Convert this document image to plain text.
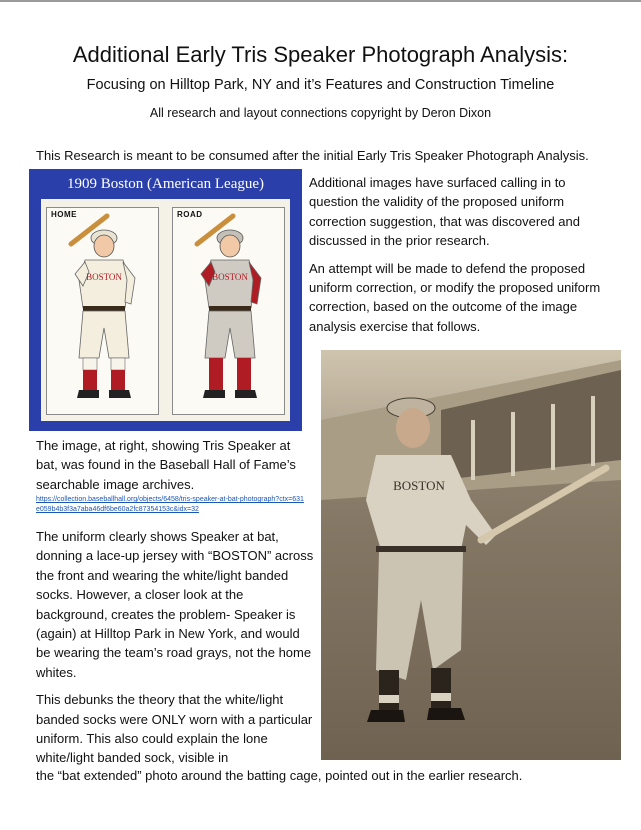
Additional Early Tris Speaker Photograph Analysis:
Focusing on Hilltop Park, NY and it’s Features and Construction Timeline
All research and layout connections copyright by Deron Dixon
This Research is meant to be consumed after the initial Early Tris Speaker Photograph Analysis.
1909 Boston (American League)
HOME
BOSTON
ROAD
BOSTON

Additional images have surfaced calling in to question the validity of the proposed uniform correction suggestion, that was discovered and discussed in the prior research.

An attempt will be made to defend the proposed uniform correction, or modify the proposed uniform correction, based on the outcome of the image analysis exercise that follows.

BOSTON
The image, at right, showing Tris Speaker at bat, was found in the Baseball Hall of Fame’s searchable image archives.
https://collection.baseballhall.org/objects/6458/tris-speaker-at-bat-photograph?ctx=631e059b4b3f3a7aba46df6be60a2fc87354153c&idx=32

The uniform clearly shows Speaker at bat, donning a lace-up jersey with “BOSTON” across the front and wearing the white/light banded socks. However, a closer look at the background, creates the problem- Speaker is (again) at Hilltop Park in New York, and would be wearing the team’s road grays, not the home whites.

This debunks the theory that the white/light banded socks were ONLY worn with a particular uniform. This also could explain the lone white/light banded sock, visible in

the “bat extended” photo around the batting cage, pointed out in the earlier research.
